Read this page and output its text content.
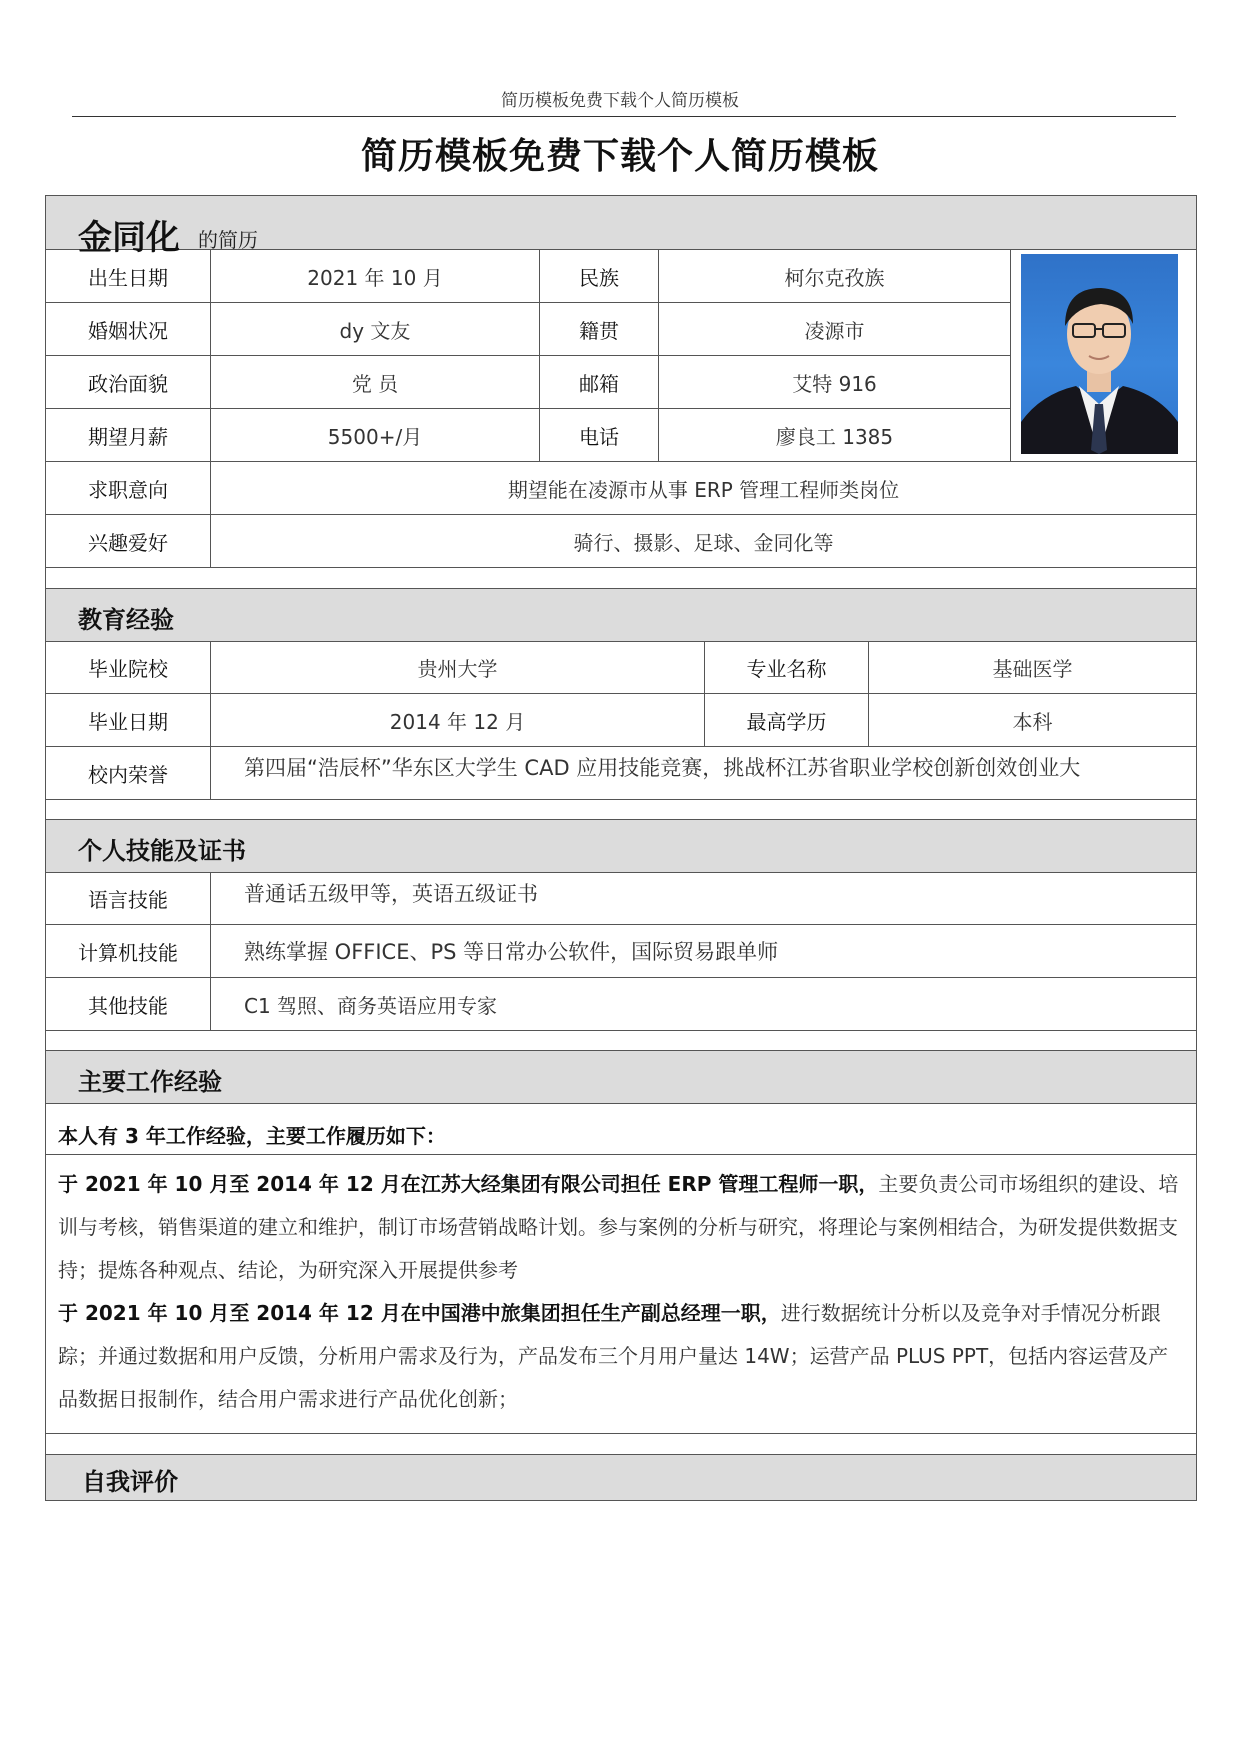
简历模板免费下载个人简历模板
简历模板免费下载个人简历模板
金同化 的简历
出生日期	2021 年 10 月	民族	柯尔克孜族
婚姻状况	dy 文友	籍贯	凌源市
政治面貌	党 员	邮箱	艾特 916
期望月薪	5500+/月	电话	廖良工 1385
求职意向	期望能在凌源市从事 ERP 管理工程师类岗位
兴趣爱好	骑行、摄影、足球、金同化等
教育经验
毕业院校	贵州大学	专业名称	基础医学
毕业日期	2014 年 12 月	最高学历	本科
校内荣誉	第四届“浩辰杯”华东区大学生 CAD 应用技能竞赛，挑战杯江苏省职业学校创新创效创业大
个人技能及证书
语言技能	普通话五级甲等，英语五级证书
计算机技能	熟练掌握 OFFICE、PS 等日常办公软件，国际贸易跟单师
其他技能	C1 驾照、商务英语应用专家
主要工作经验
本人有 3 年工作经验，主要工作履历如下：
于 2021 年 10 月至 2014 年 12 月在江苏大经集团有限公司担任 ERP 管理工程师一职，主要负责公司市场组织的建设、培训与考核，销售渠道的建立和维护，制订市场营销战略计划。参与案例的分析与研究，将理论与案例相结合，为研发提供数据支持；提炼各种观点、结论，为研究深入开展提供参考
于 2021 年 10 月至 2014 年 12 月在中国港中旅集团担任生产副总经理一职，进行数据统计分析以及竞争对手情况分析跟踪；并通过数据和用户反馈，分析用户需求及行为，产品发布三个月用户量达 14W；运营产品 PLUS PPT，包括内容运营及产品数据日报制作，结合用户需求进行产品优化创新；
自我评价
